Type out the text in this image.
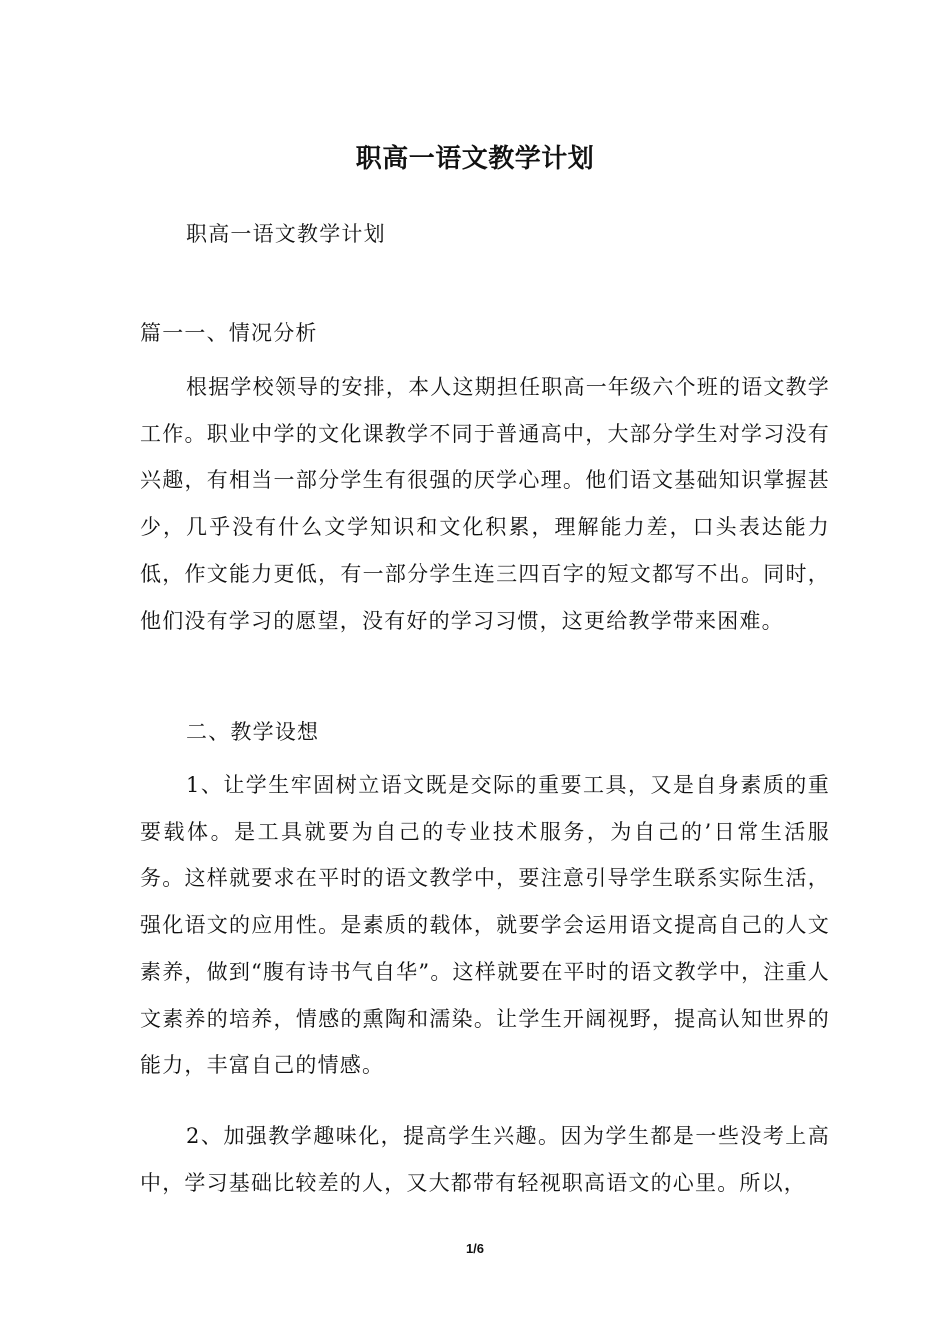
职高一语文教学计划
职高一语文教学计划
篇一一、情况分析

根据学校领导的安排，本人这期担任职高一年级六个班的语文教学工作。职业中学的文化课教学不同于普通高中，大部分学生对学习没有兴趣，有相当一部分学生有很强的厌学心理。他们语文基础知识掌握甚少，几乎没有什么文学知识和文化积累，理解能力差，口头表达能力低，作文能力更低，有一部分学生连三四百字的短文都写不出。同时，他们没有学习的愿望，没有好的学习习惯，这更给教学带来困难。

二、教学设想

1、让学生牢固树立语文既是交际的重要工具，又是自身素质的重要载体。是工具就要为自己的专业技术服务，为自己的’日常生活服务。这样就要求在平时的语文教学中，要注意引导学生联系实际生活，强化语文的应用性。是素质的载体，就要学会运用语文提高自己的人文素养，做到“腹有诗书气自华”。这样就要在平时的语文教学中，注重人文素养的培养，情感的熏陶和濡染。让学生开阔视野，提高认知世界的能力，丰富自己的情感。

2、加强教学趣味化，提高学生兴趣。因为学生都是一些没考上高中，学习基础比较差的人，又大都带有轻视职高语文的心里。所以，

1/6
